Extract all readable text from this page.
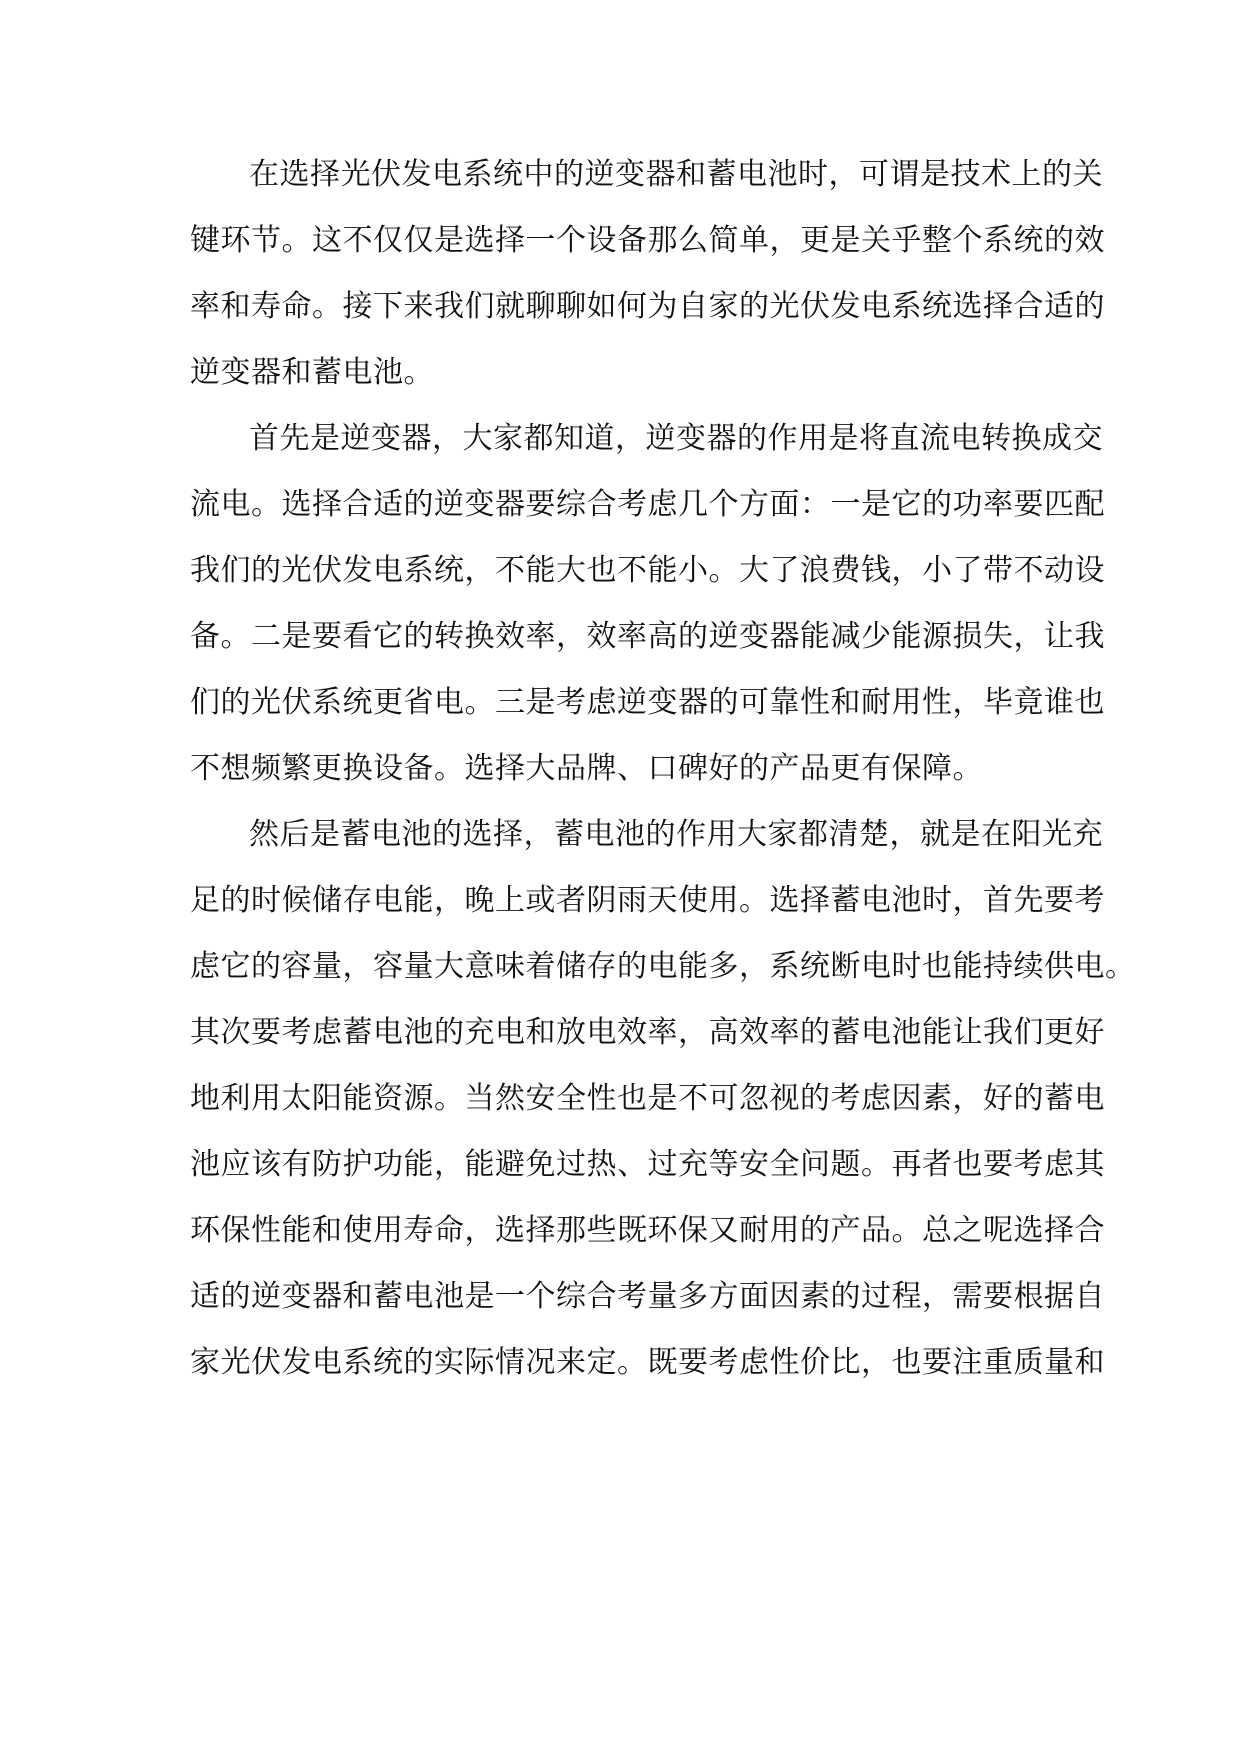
在选择光伏发电系统中的逆变器和蓄电池时，可谓是技术上的关
键环节。这不仅仅是选择一个设备那么简单，更是关乎整个系统的效
率和寿命。接下来我们就聊聊如何为自家的光伏发电系统选择合适的
逆变器和蓄电池。
首先是逆变器，大家都知道，逆变器的作用是将直流电转换成交
流电。选择合适的逆变器要综合考虑几个方面：一是它的功率要匹配
我们的光伏发电系统，不能大也不能小。大了浪费钱，小了带不动设
备。二是要看它的转换效率，效率高的逆变器能减少能源损失，让我
们的光伏系统更省电。三是考虑逆变器的可靠性和耐用性，毕竟谁也
不想频繁更换设备。选择大品牌、口碑好的产品更有保障。
然后是蓄电池的选择，蓄电池的作用大家都清楚，就是在阳光充
足的时候储存电能，晚上或者阴雨天使用。选择蓄电池时，首先要考
虑它的容量，容量大意味着储存的电能多，系统断电时也能持续供电。
其次要考虑蓄电池的充电和放电效率，高效率的蓄电池能让我们更好
地利用太阳能资源。当然安全性也是不可忽视的考虑因素，好的蓄电
池应该有防护功能，能避免过热、过充等安全问题。再者也要考虑其
环保性能和使用寿命，选择那些既环保又耐用的产品。总之呢选择合
适的逆变器和蓄电池是一个综合考量多方面因素的过程，需要根据自
家光伏发电系统的实际情况来定。既要考虑性价比，也要注重质量和
